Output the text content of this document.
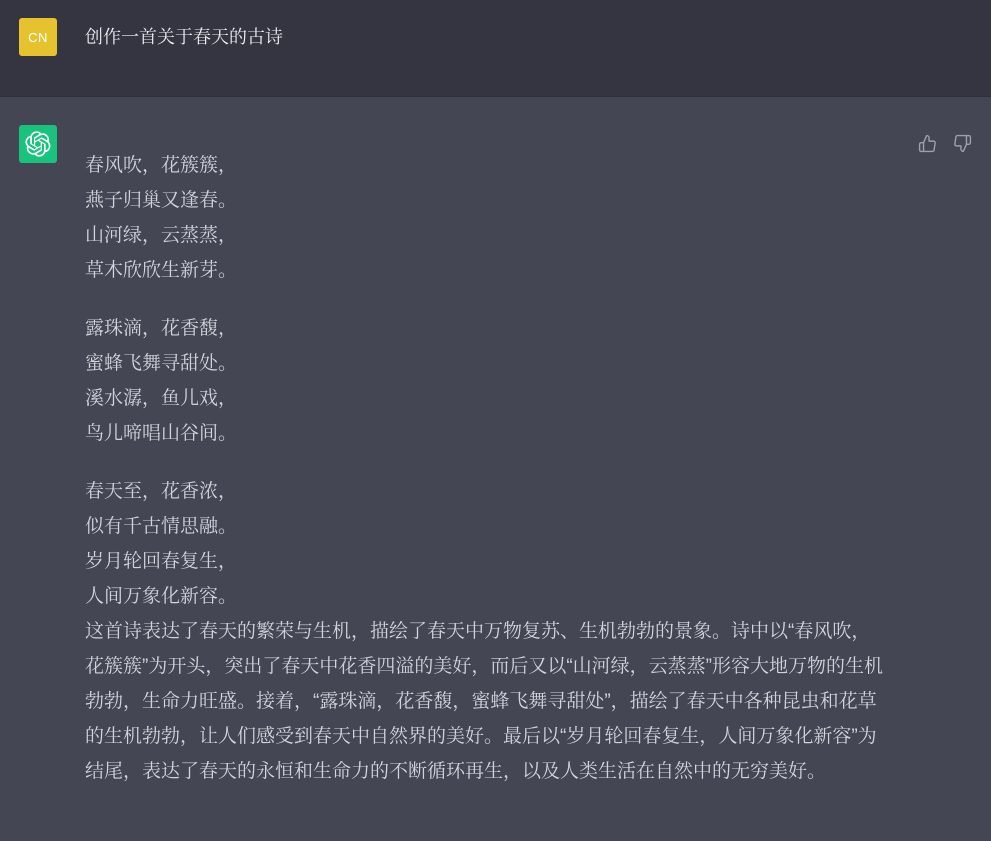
CN 创作一首关于春天的古诗

春风吹，花簇簇，
燕子归巢又逢春。
山河绿，云蒸蒸，
草木欣欣生新芽。

露珠滴，花香馥，
蜜蜂飞舞寻甜处。
溪水潺，鱼儿戏，
鸟儿啼唱山谷间。

春天至，花香浓，
似有千古情思融。
岁月轮回春复生，
人间万象化新容。

这首诗表达了春天的繁荣与生机，描绘了春天中万物复苏、生机勃勃的景象。诗中以“春风吹，花簇簇”为开头，突出了春天中花香四溢的美好，而后又以“山河绿，云蒸蒸”形容大地万物的生机勃勃，生命力旺盛。接着，“露珠滴，花香馥，蜜蜂飞舞寻甜处”，描绘了春天中各种昆虫和花草的生机勃勃，让人们感受到春天中自然界的美好。最后以“岁月轮回春复生，人间万象化新容”为结尾，表达了春天的永恒和生命力的不断循环再生，以及人类生活在自然中的无穷美好。
